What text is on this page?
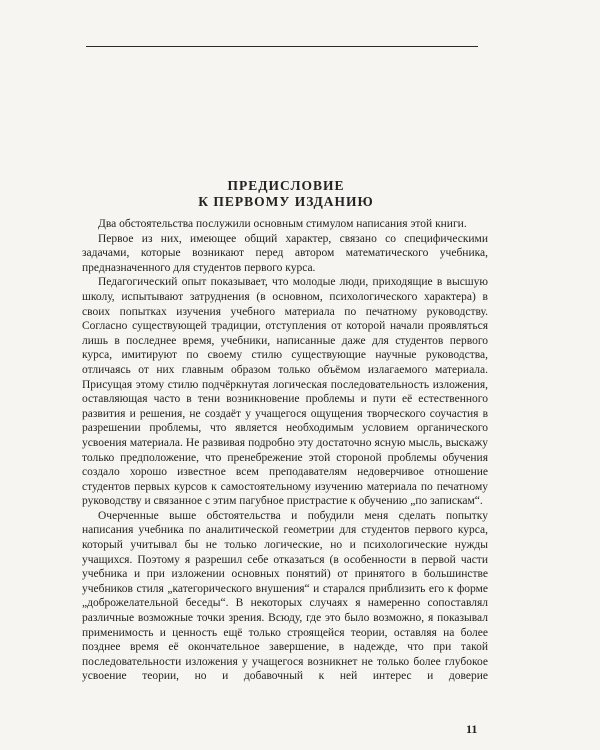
ПРЕДИСЛОВИЕ
К ПЕРВОМУ ИЗДАНИЮ

Два обстоятельства послужили основным стимулом написания этой книги.

Первое из них, имеющее общий характер, связано со специфическими задачами, которые возникают перед автором математического учебника, предназначенного для студентов первого курса.

Педагогический опыт показывает, что молодые люди, приходящие в высшую школу, испытывают затруднения (в основном, психологического характера) в своих попытках изучения учебного материала по печатному руководству. Согласно существующей традиции, отступления от которой начали проявляться лишь в последнее время, учебники, написанные даже для студентов первого курса, имитируют по своему стилю существующие научные руководства, отличаясь от них главным образом только объёмом излагаемого материала. Присущая этому стилю подчёркнутая логическая последовательность изложения, оставляющая часто в тени возникновение проблемы и пути её естественного развития и решения, не создаёт у учащегося ощущения творческого соучастия в разрешении проблемы, что является необходимым условием органического усвоения материала. Не развивая подробно эту достаточно ясную мысль, выскажу только предположение, что пренебрежение этой стороной проблемы обучения создало хорошо известное всем преподавателям недоверчивое отношение студентов первых курсов к самостоятельному изучению материала по печатному руководству и связанное с этим пагубное пристрастие к обучению „по запискам“.

Очерченные выше обстоятельства и побудили меня сделать попытку написания учебника по аналитической геометрии для студентов первого курса, который учитывал бы не только логические, но и психологические нужды учащихся. Поэтому я разрешил себе отказаться (в особенности в первой части учебника и при изложении основных понятий) от принятого в большинстве учебников стиля „категорического внушения“ и старался приблизить его к форме „доброжелательной беседы“. В некоторых случаях я намеренно сопоставлял различные возможные точки зрения. Всюду, где это было возможно, я показывал применимость и ценность ещё только строящейся теории, оставляя на более позднее время её окончательное завершение, в надежде, что при такой последовательности изложения у учащегося возникнет не только более глубокое усвоение теории, но и добавочный к ней интерес и доверие

11
